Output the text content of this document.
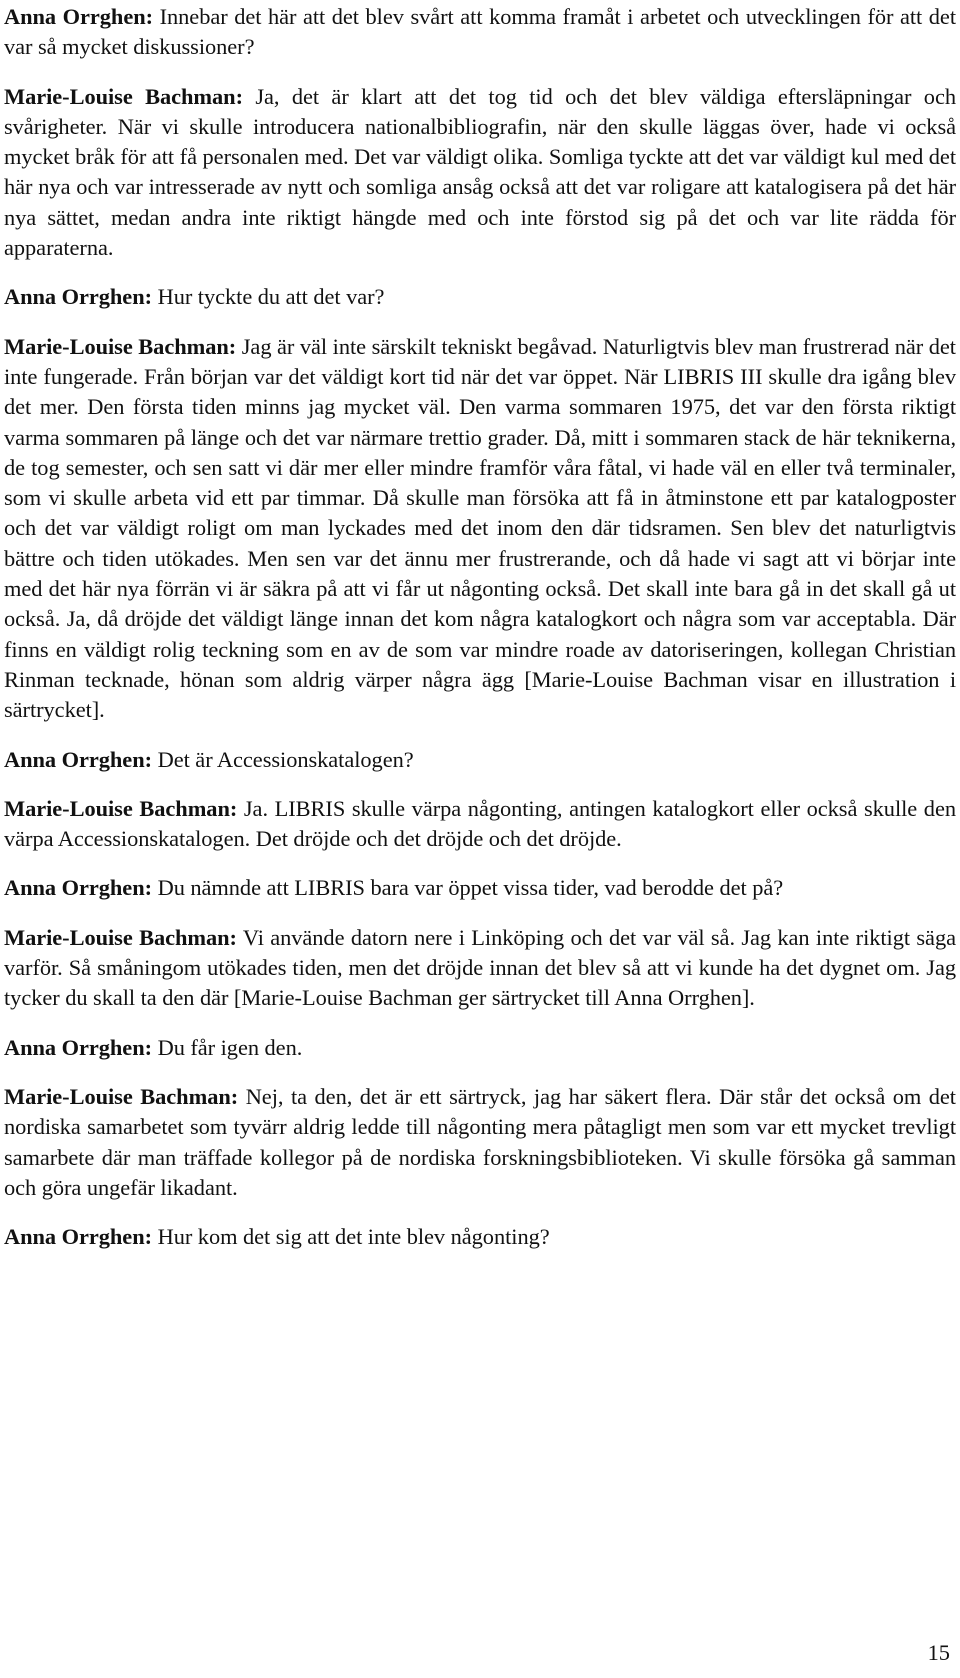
Anna Orrghen: Innebar det här att det blev svårt att komma framåt i arbetet och utvecklingen för att det var så mycket diskussioner?

Marie-Louise Bachman: Ja, det är klart att det tog tid och det blev väldiga eftersläpningar och svårigheter. När vi skulle introducera nationalbibliografin, när den skulle läggas över, hade vi också mycket bråk för att få personalen med. Det var väldigt olika. Somliga tyckte att det var väldigt kul med det här nya och var intresserade av nytt och somliga ansåg också att det var roligare att katalogisera på det här nya sättet, medan andra inte riktigt hängde med och inte förstod sig på det och var lite rädda för apparaterna.

Anna Orrghen: Hur tyckte du att det var?

Marie-Louise Bachman: Jag är väl inte särskilt tekniskt begåvad. Naturligtvis blev man frustrerad när det inte fungerade. Från början var det väldigt kort tid när det var öppet. När LIBRIS III skulle dra igång blev det mer. Den första tiden minns jag mycket väl. Den varma sommaren 1975, det var den första riktigt varma sommaren på länge och det var närmare trettio grader. Då, mitt i sommaren stack de här teknikerna, de tog semester, och sen satt vi där mer eller mindre framför våra fåtal, vi hade väl en eller två terminaler, som vi skulle arbeta vid ett par timmar. Då skulle man försöka att få in åtminstone ett par katalogposter och det var väldigt roligt om man lyckades med det inom den där tidsramen. Sen blev det naturligtvis bättre och tiden utökades. Men sen var det ännu mer frustrerande, och då hade vi sagt att vi börjar inte med det här nya förrän vi är säkra på att vi får ut någonting också. Det skall inte bara gå in det skall gå ut också. Ja, då dröjde det väldigt länge innan det kom några katalogkort och några som var acceptabla. Där finns en väldigt rolig teckning som en av de som var mindre roade av datoriseringen, kollegan Christian Rinman tecknade, hönan som aldrig värper några ägg [Marie-Louise Bachman visar en illustration i särtrycket].

Anna Orrghen: Det är Accessionskatalogen?

Marie-Louise Bachman: Ja. LIBRIS skulle värpa någonting, antingen katalogkort eller också skulle den värpa Accessionskatalogen. Det dröjde och det dröjde och det dröjde.

Anna Orrghen: Du nämnde att LIBRIS bara var öppet vissa tider, vad berodde det på?

Marie-Louise Bachman: Vi använde datorn nere i Linköping och det var väl så. Jag kan inte riktigt säga varför. Så småningom utökades tiden, men det dröjde innan det blev så att vi kunde ha det dygnet om. Jag tycker du skall ta den där [Marie-Louise Bachman ger särtrycket till Anna Orrghen].

Anna Orrghen: Du får igen den.

Marie-Louise Bachman: Nej, ta den, det är ett särtryck, jag har säkert flera. Där står det också om det nordiska samarbetet som tyvärr aldrig ledde till någonting mera påtagligt men som var ett mycket trevligt samarbete där man träffade kollegor på de nordiska forskningsbiblioteken. Vi skulle försöka gå samman och göra ungefär likadant.

Anna Orrghen: Hur kom det sig att det inte blev någonting?

15
